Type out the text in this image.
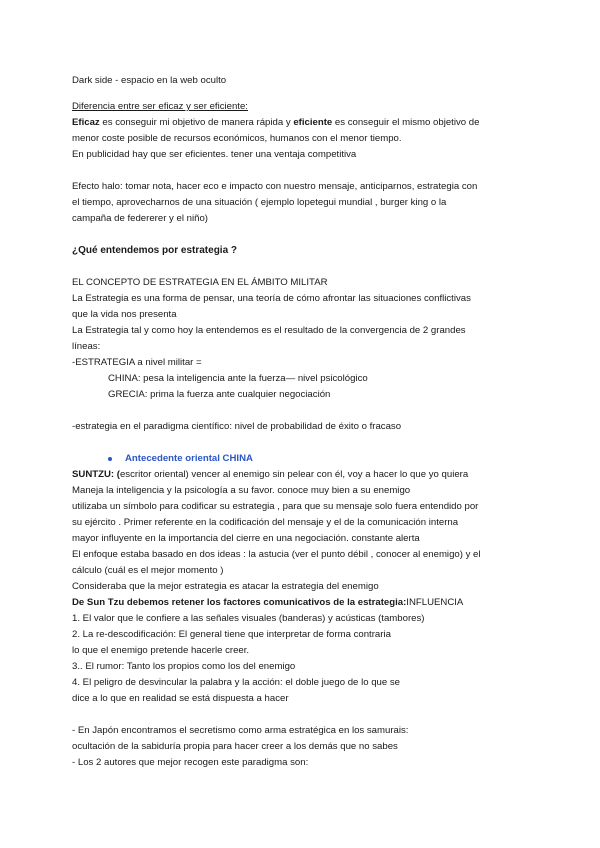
Dark side - espacio en la web oculto
Diferencia entre ser eficaz y ser eficiente:
Eficaz es conseguir mi objetivo de manera rápida y eficiente es conseguir el mismo objetivo de
menor coste posible de recursos económicos, humanos con el menor tiempo.
En publicidad hay que ser eficientes. tener una ventaja competitiva
Efecto halo: tomar nota, hacer eco e impacto con nuestro mensaje, anticiparnos, estrategia con
el tiempo, aprovecharnos de una situación ( ejemplo lopetegui mundial , burger king o la
campaña de federerer y el niño)
¿Qué entendemos por estrategia ?
EL CONCEPTO DE ESTRATEGIA EN EL ÁMBITO MILITAR
La Estrategia es una forma de pensar, una teoría de cómo afrontar las situaciones conflictivas
que la vida nos presenta
La Estrategia tal y como hoy la entendemos es el resultado de la convergencia de 2 grandes
líneas:
-ESTRATEGIA a nivel militar =
CHINA: pesa la inteligencia ante la fuerza— nivel psicológico
GRECIA: prima la fuerza ante cualquier negociación
-estrategia en el paradigma científico: nivel de probabilidad de éxito o fracaso
Antecedente oriental CHINA
SUNTZU: (escritor oriental) vencer al enemigo sin pelear con él, voy a hacer lo que yo quiera
Maneja la inteligencia y la psicología a su favor. conoce muy bien a su enemigo
utilizaba un símbolo para codificar su estrategia , para que su mensaje solo fuera entendido por
su ejército . Primer referente en la codificación del mensaje y el de la comunicación interna
mayor influyente en la importancia del cierre en una negociación. constante alerta
El enfoque estaba basado en dos ideas : la astucia (ver el punto débil , conocer al enemigo) y el
cálculo (cuál es el mejor momento )
Consideraba que la mejor estrategia es atacar la estrategia del enemigo
De Sun Tzu debemos retener los factores comunicativos de la estrategia:INFLUENCIA
1. El valor que le confiere a las señales visuales (banderas) y acústicas (tambores)
2. La re-descodificación: El general tiene que interpretar de forma contraria
lo que el enemigo pretende hacerle creer.
3.. El rumor: Tanto los propios como los del enemigo
4. El peligro de desvincular la palabra y la acción: el doble juego de lo que se
dice a lo que en realidad se está dispuesta a hacer
- En Japón encontramos el secretismo como arma estratégica en los samurais:
ocultación de la sabiduría propia para hacer creer a los demás que no sabes
- Los 2 autores que mejor recogen este paradigma son:
